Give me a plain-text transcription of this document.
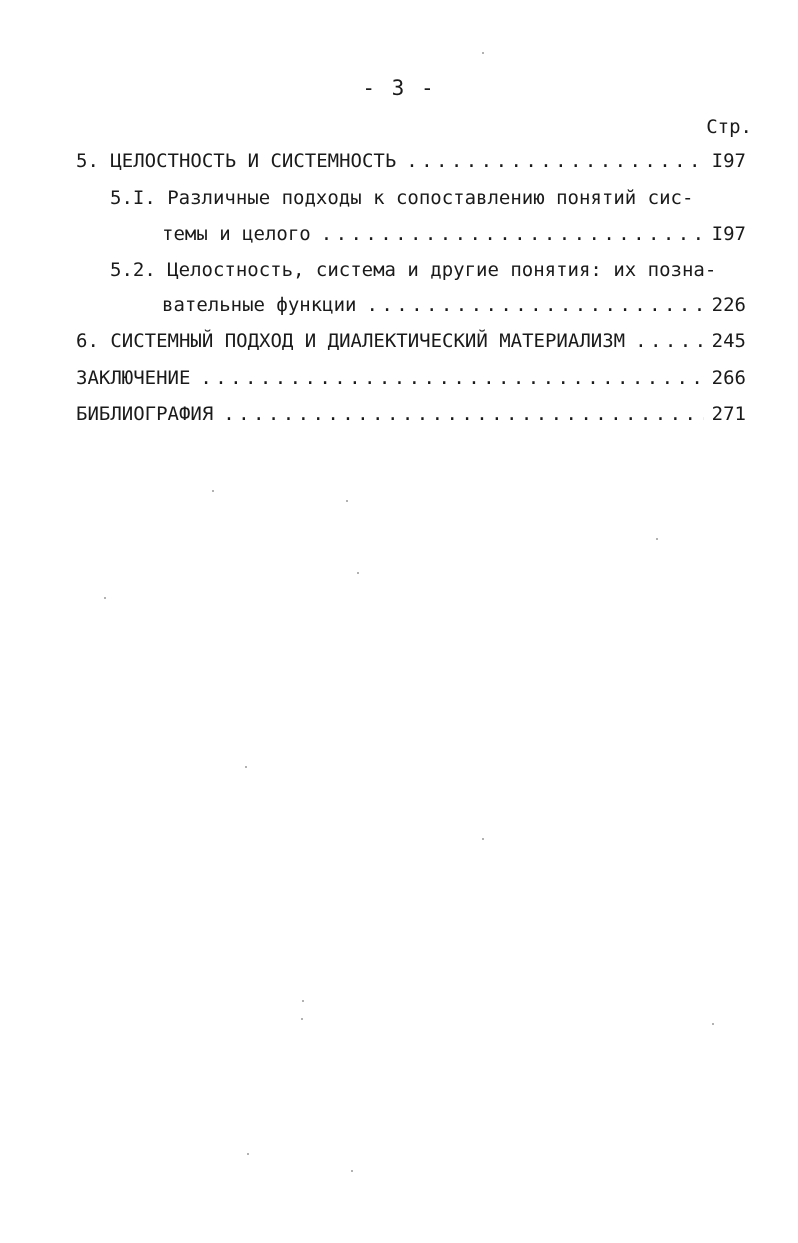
- 3 -
Стр.
5. ЦЕЛОСТНОСТЬ И СИСТЕМНОСТЬ . . .	I97
5.I. Различные подходы к сопоставлению понятий сис-
темы и целого . . .	I97
5.2. Целостность, система и другие понятия: их позна-
вательные функции . . .	226
6. СИСТЕМНЫЙ ПОДХОД И ДИАЛЕКТИЧЕСКИЙ МАТЕРИАЛИЗМ . . .	245
ЗАКЛЮЧЕНИЕ . . .	266
БИБЛИОГРАФИЯ . . .	271
